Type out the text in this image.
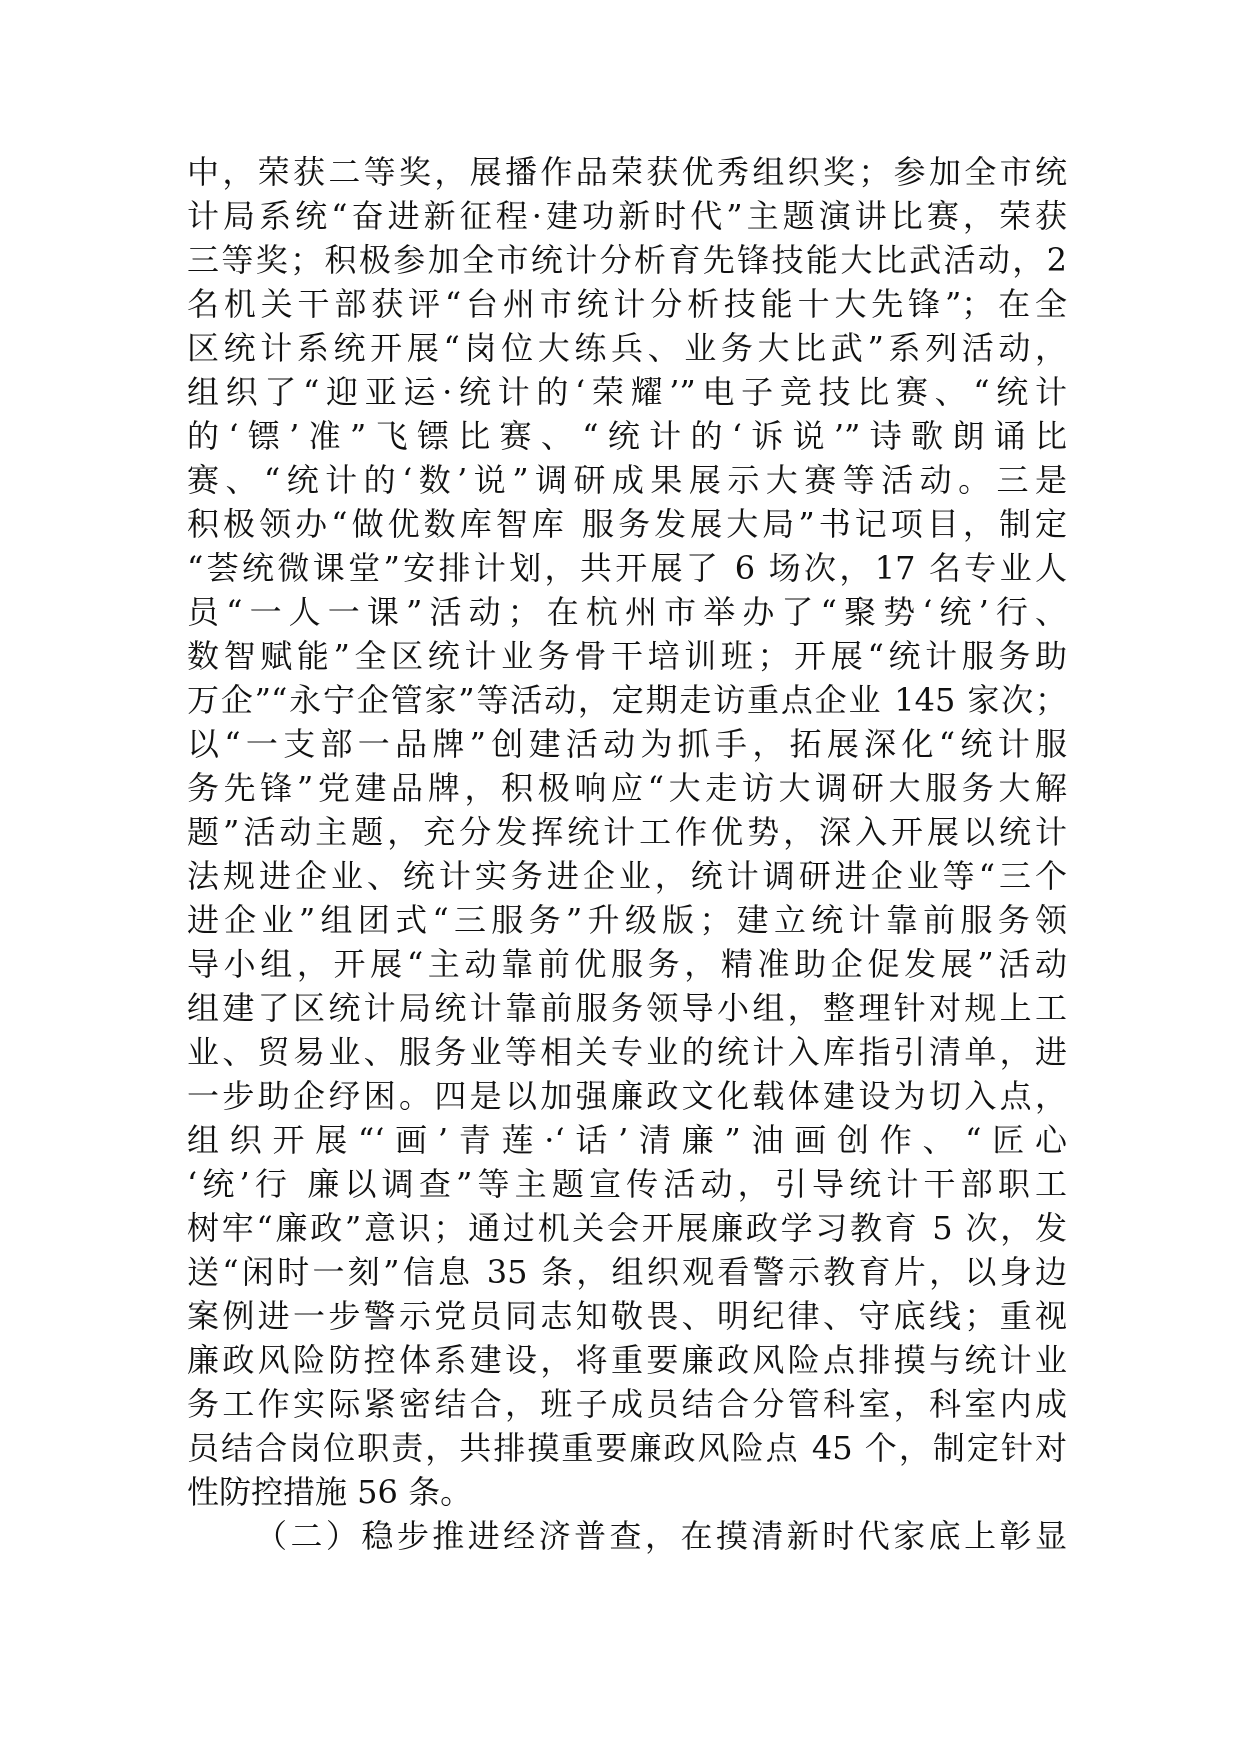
中，荣获二等奖，展播作品荣获优秀组织奖；参加全市统
计局系统“奋进新征程·建功新时代”主题演讲比赛，荣获
三等奖；积极参加全市统计分析育先锋技能大比武活动，2
名机关干部获评“台州市统计分析技能十大先锋”；在全
区统计系统开展“岗位大练兵、业务大比武”系列活动，
组织了“迎亚运·统计的‘荣耀’”电子竞技比赛、“统计
的‘镖’准”飞镖比赛、“统计的‘诉说’”诗歌朗诵比
赛、“统计的‘数’说”调研成果展示大赛等活动。三是
积极领办“做优数库智库 服务发展大局”书记项目，制定
“荟统微课堂”安排计划，共开展了 6 场次，17 名专业人
员“一人一课”活动；在杭州市举办了“聚势‘统’行、
数智赋能”全区统计业务骨干培训班；开展“统计服务助
万企”“永宁企管家”等活动，定期走访重点企业 145 家次；
以“一支部一品牌”创建活动为抓手，拓展深化“统计服
务先锋”党建品牌，积极响应“大走访大调研大服务大解
题”活动主题，充分发挥统计工作优势，深入开展以统计
法规进企业、统计实务进企业，统计调研进企业等“三个
进企业”组团式“三服务”升级版；建立统计靠前服务领
导小组，开展“主动靠前优服务，精准助企促发展”活动
组建了区统计局统计靠前服务领导小组，整理针对规上工
业、贸易业、服务业等相关专业的统计入库指引清单，进
一步助企纾困。四是以加强廉政文化载体建设为切入点，
组织开展“‘画’青莲·‘话’清廉”油画创作、“匠心
‘统’行 廉以调查”等主题宣传活动，引导统计干部职工
树牢“廉政”意识；通过机关会开展廉政学习教育 5 次，发
送“闲时一刻”信息 35 条，组织观看警示教育片，以身边
案例进一步警示党员同志知敬畏、明纪律、守底线；重视
廉政风险防控体系建设，将重要廉政风险点排摸与统计业
务工作实际紧密结合，班子成员结合分管科室，科室内成
员结合岗位职责，共排摸重要廉政风险点 45 个，制定针对
性防控措施 56 条。
（二）稳步推进经济普查，在摸清新时代家底上彰显
